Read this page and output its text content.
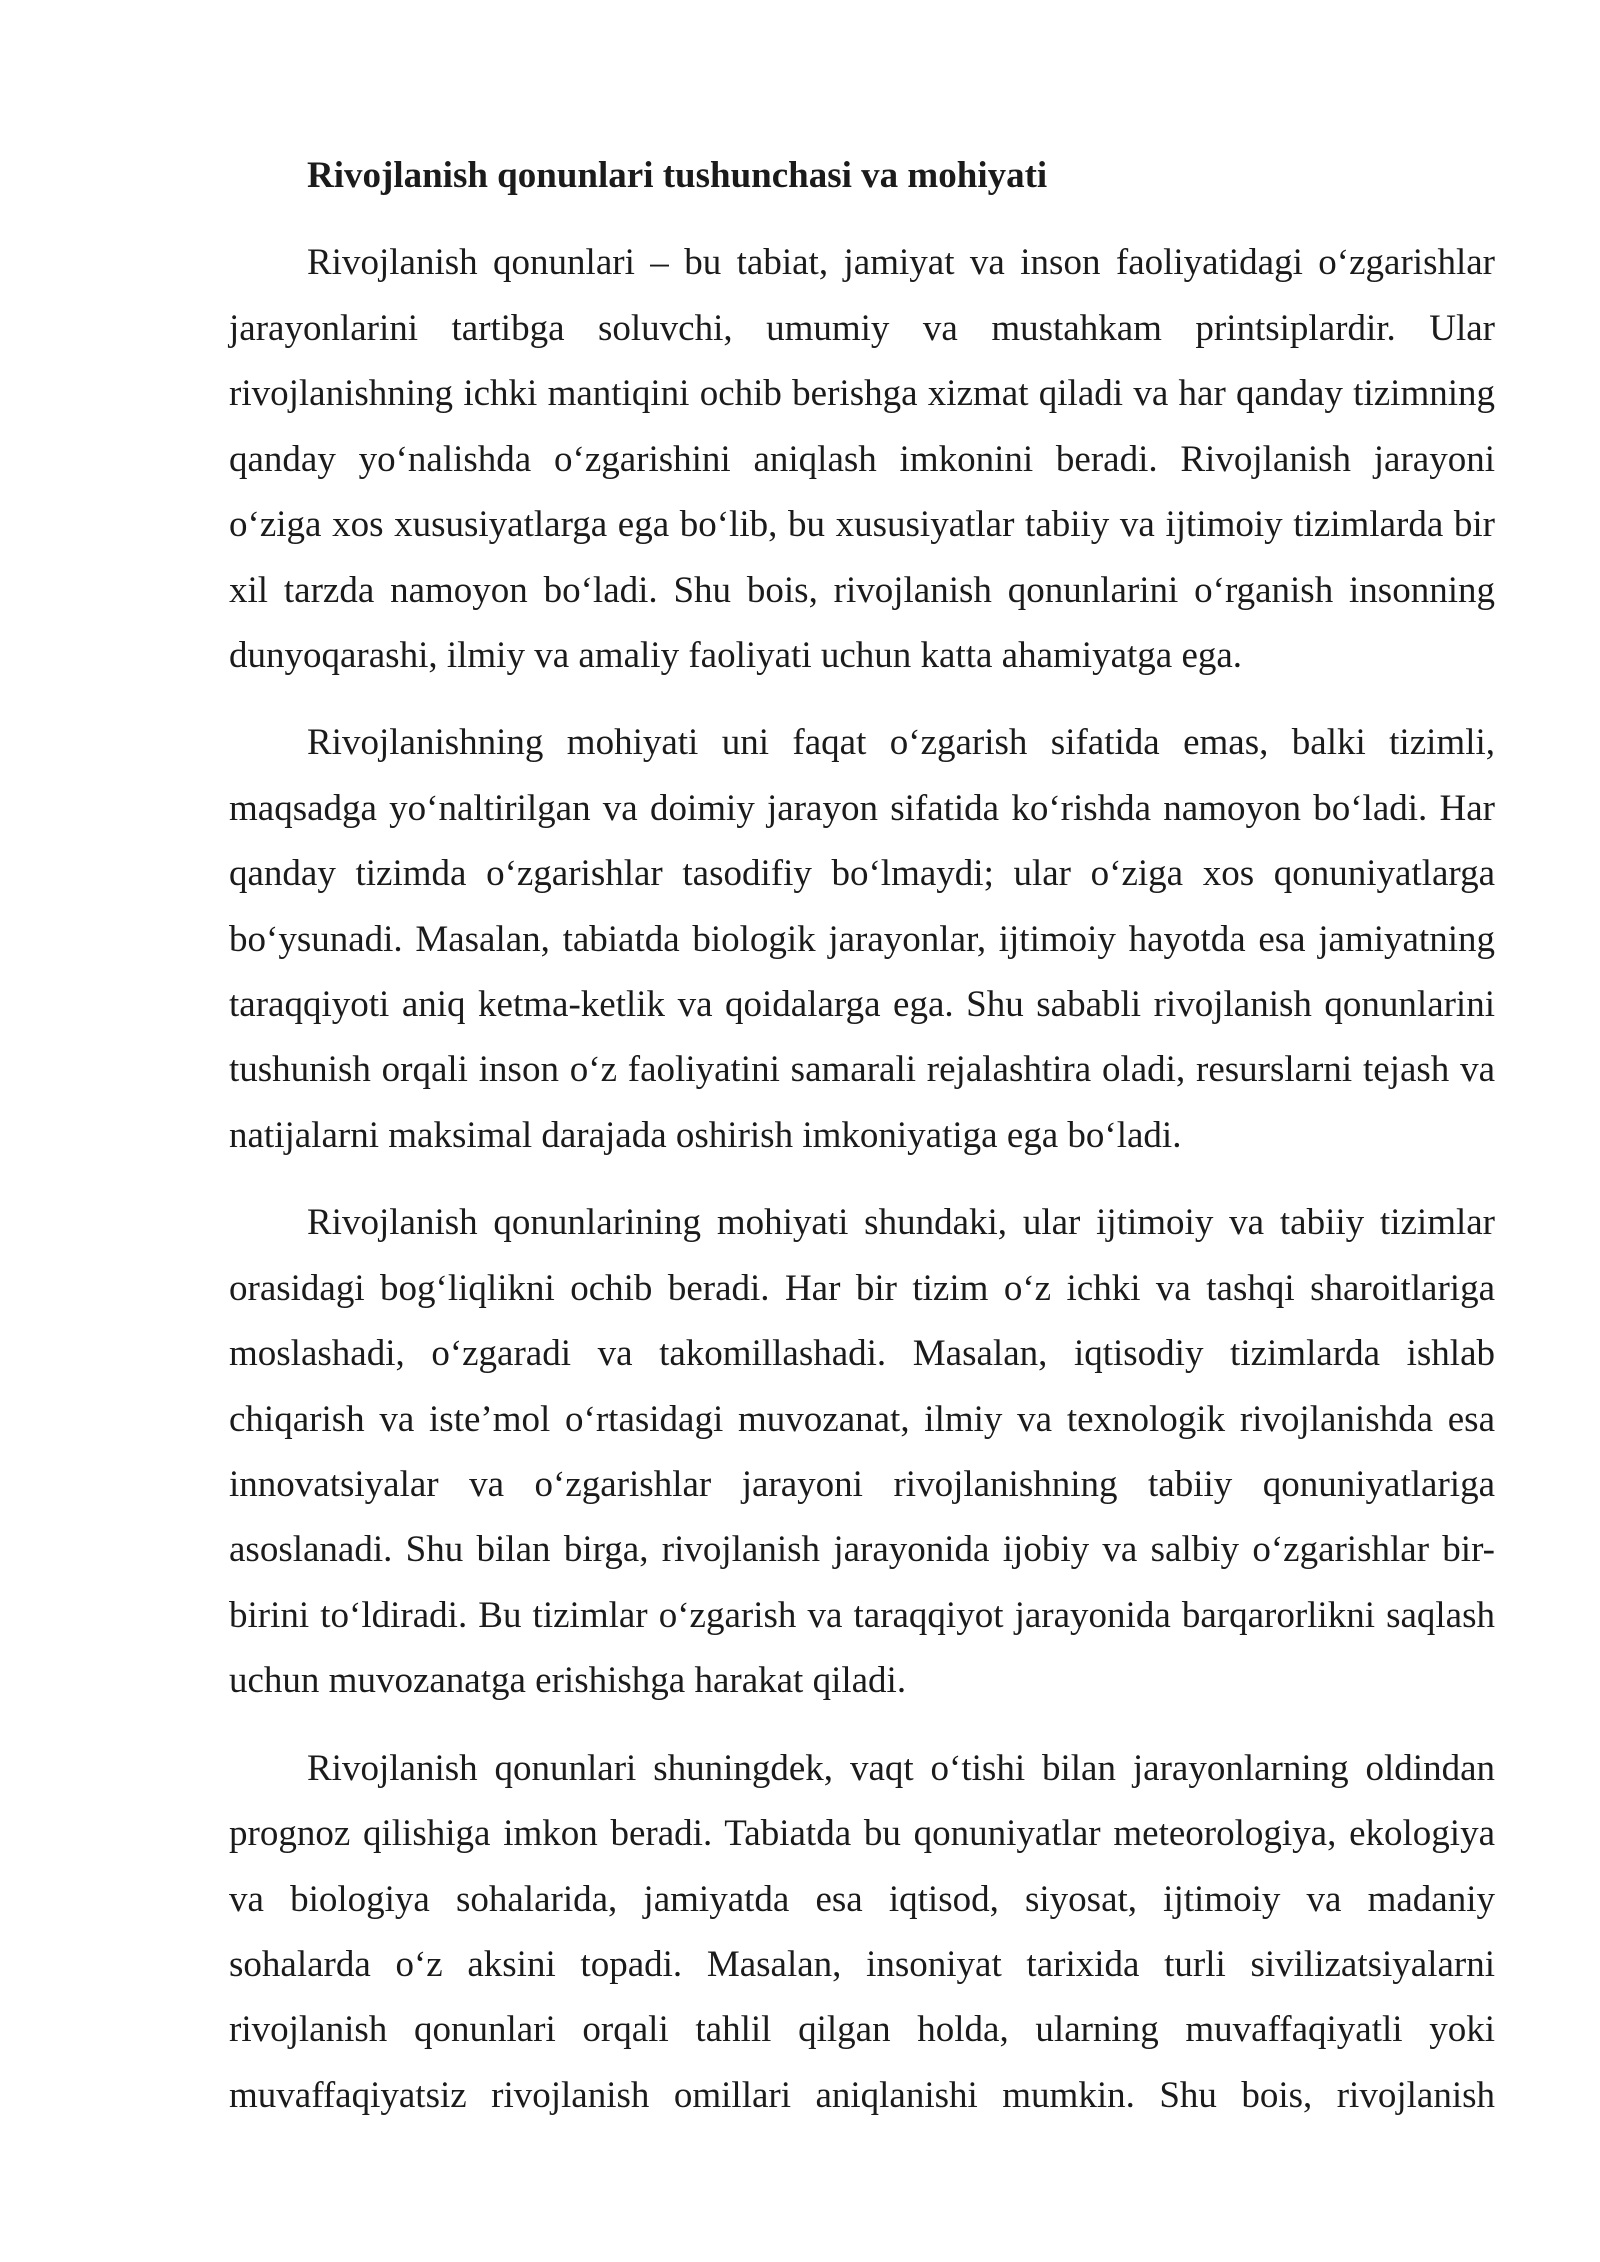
Rivojlanish qonunlari tushunchasi va mohiyati
Rivojlanish qonunlari – bu tabiat, jamiyat va inson faoliyatidagi o‘zgarishlar
jarayonlarini tartibga soluvchi, umumiy va mustahkam printsiplardir. Ular
rivojlanishning ichki mantiqini ochib berishga xizmat qiladi va har qanday tizimning
qanday yo‘nalishda o‘zgarishini aniqlash imkonini beradi. Rivojlanish jarayoni
o‘ziga xos xususiyatlarga ega bo‘lib, bu xususiyatlar tabiiy va ijtimoiy tizimlarda bir
xil tarzda namoyon bo‘ladi. Shu bois, rivojlanish qonunlarini o‘rganish insonning
dunyoqarashi, ilmiy va amaliy faoliyati uchun katta ahamiyatga ega.
Rivojlanishning mohiyati uni faqat o‘zgarish sifatida emas, balki tizimli,
maqsadga yo‘naltirilgan va doimiy jarayon sifatida ko‘rishda namoyon bo‘ladi. Har
qanday tizimda o‘zgarishlar tasodifiy bo‘lmaydi; ular o‘ziga xos qonuniyatlarga
bo‘ysunadi. Masalan, tabiatda biologik jarayonlar, ijtimoiy hayotda esa jamiyatning
taraqqiyoti aniq ketma-ketlik va qoidalarga ega. Shu sababli rivojlanish qonunlarini
tushunish orqali inson o‘z faoliyatini samarali rejalashtira oladi, resurslarni tejash va
natijalarni maksimal darajada oshirish imkoniyatiga ega bo‘ladi.
Rivojlanish qonunlarining mohiyati shundaki, ular ijtimoiy va tabiiy tizimlar
orasidagi bog‘liqlikni ochib beradi. Har bir tizim o‘z ichki va tashqi sharoitlariga
moslashadi, o‘zgaradi va takomillashadi. Masalan, iqtisodiy tizimlarda ishlab
chiqarish va iste’mol o‘rtasidagi muvozanat, ilmiy va texnologik rivojlanishda esa
innovatsiyalar va o‘zgarishlar jarayoni rivojlanishning tabiiy qonuniyatlariga
asoslanadi. Shu bilan birga, rivojlanish jarayonida ijobiy va salbiy o‘zgarishlar bir-
birini to‘ldiradi. Bu tizimlar o‘zgarish va taraqqiyot jarayonida barqarorlikni saqlash
uchun muvozanatga erishishga harakat qiladi.
Rivojlanish qonunlari shuningdek, vaqt o‘tishi bilan jarayonlarning oldindan
prognoz qilishiga imkon beradi. Tabiatda bu qonuniyatlar meteorologiya, ekologiya
va biologiya sohalarida, jamiyatda esa iqtisod, siyosat, ijtimoiy va madaniy
sohalarda o‘z aksini topadi. Masalan, insoniyat tarixida turli sivilizatsiyalarni
rivojlanish qonunlari orqali tahlil qilgan holda, ularning muvaffaqiyatli yoki
muvaffaqiyatsiz rivojlanish omillari aniqlanishi mumkin. Shu bois, rivojlanish
